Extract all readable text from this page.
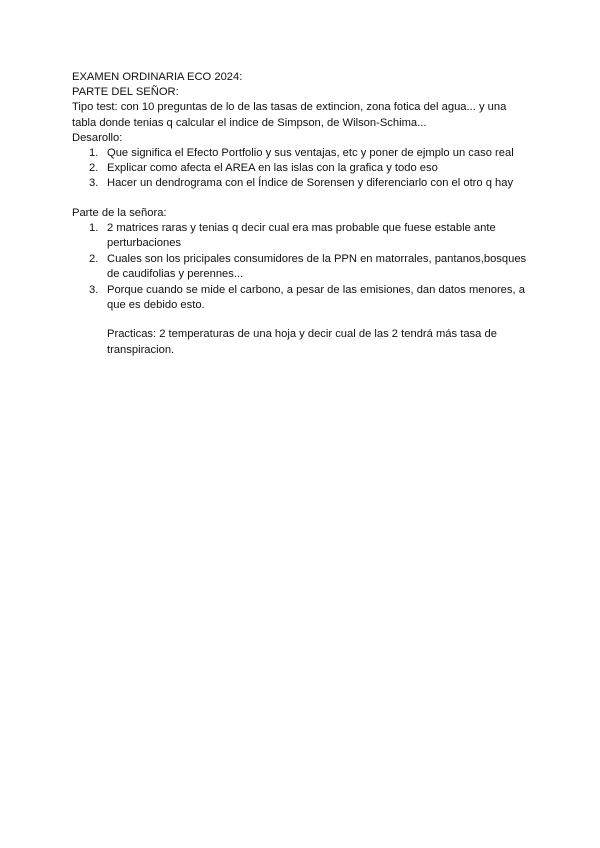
EXAMEN ORDINARIA ECO 2024:
PARTE DEL SEÑOR:
Tipo test: con 10 preguntas de lo de las tasas de extincion, zona fotica del agua... y una tabla donde tenias q calcular el indice de Simpson, de Wilson-Schima...
Desarollo:
1. Que significa el Efecto Portfolio y sus ventajas, etc y poner de ejmplo un caso real
2. Explicar como afecta el AREA en las islas con la grafica y todo eso
3. Hacer un dendrograma con el Índice de Sorensen y diferenciarlo con el otro q hay
Parte de la señora:
1. 2 matrices raras y tenias q decir cual era mas probable que fuese estable ante perturbaciones
2. Cuales son los pricipales consumidores de la PPN en matorrales, pantanos,bosques de caudifolias y perennes...
3. Porque cuando se mide el carbono, a pesar de las emisiones, dan datos menores, a que es debido esto.
Practicas: 2 temperaturas de una hoja y decir cual de las 2 tendrá más tasa de transpiracion.
